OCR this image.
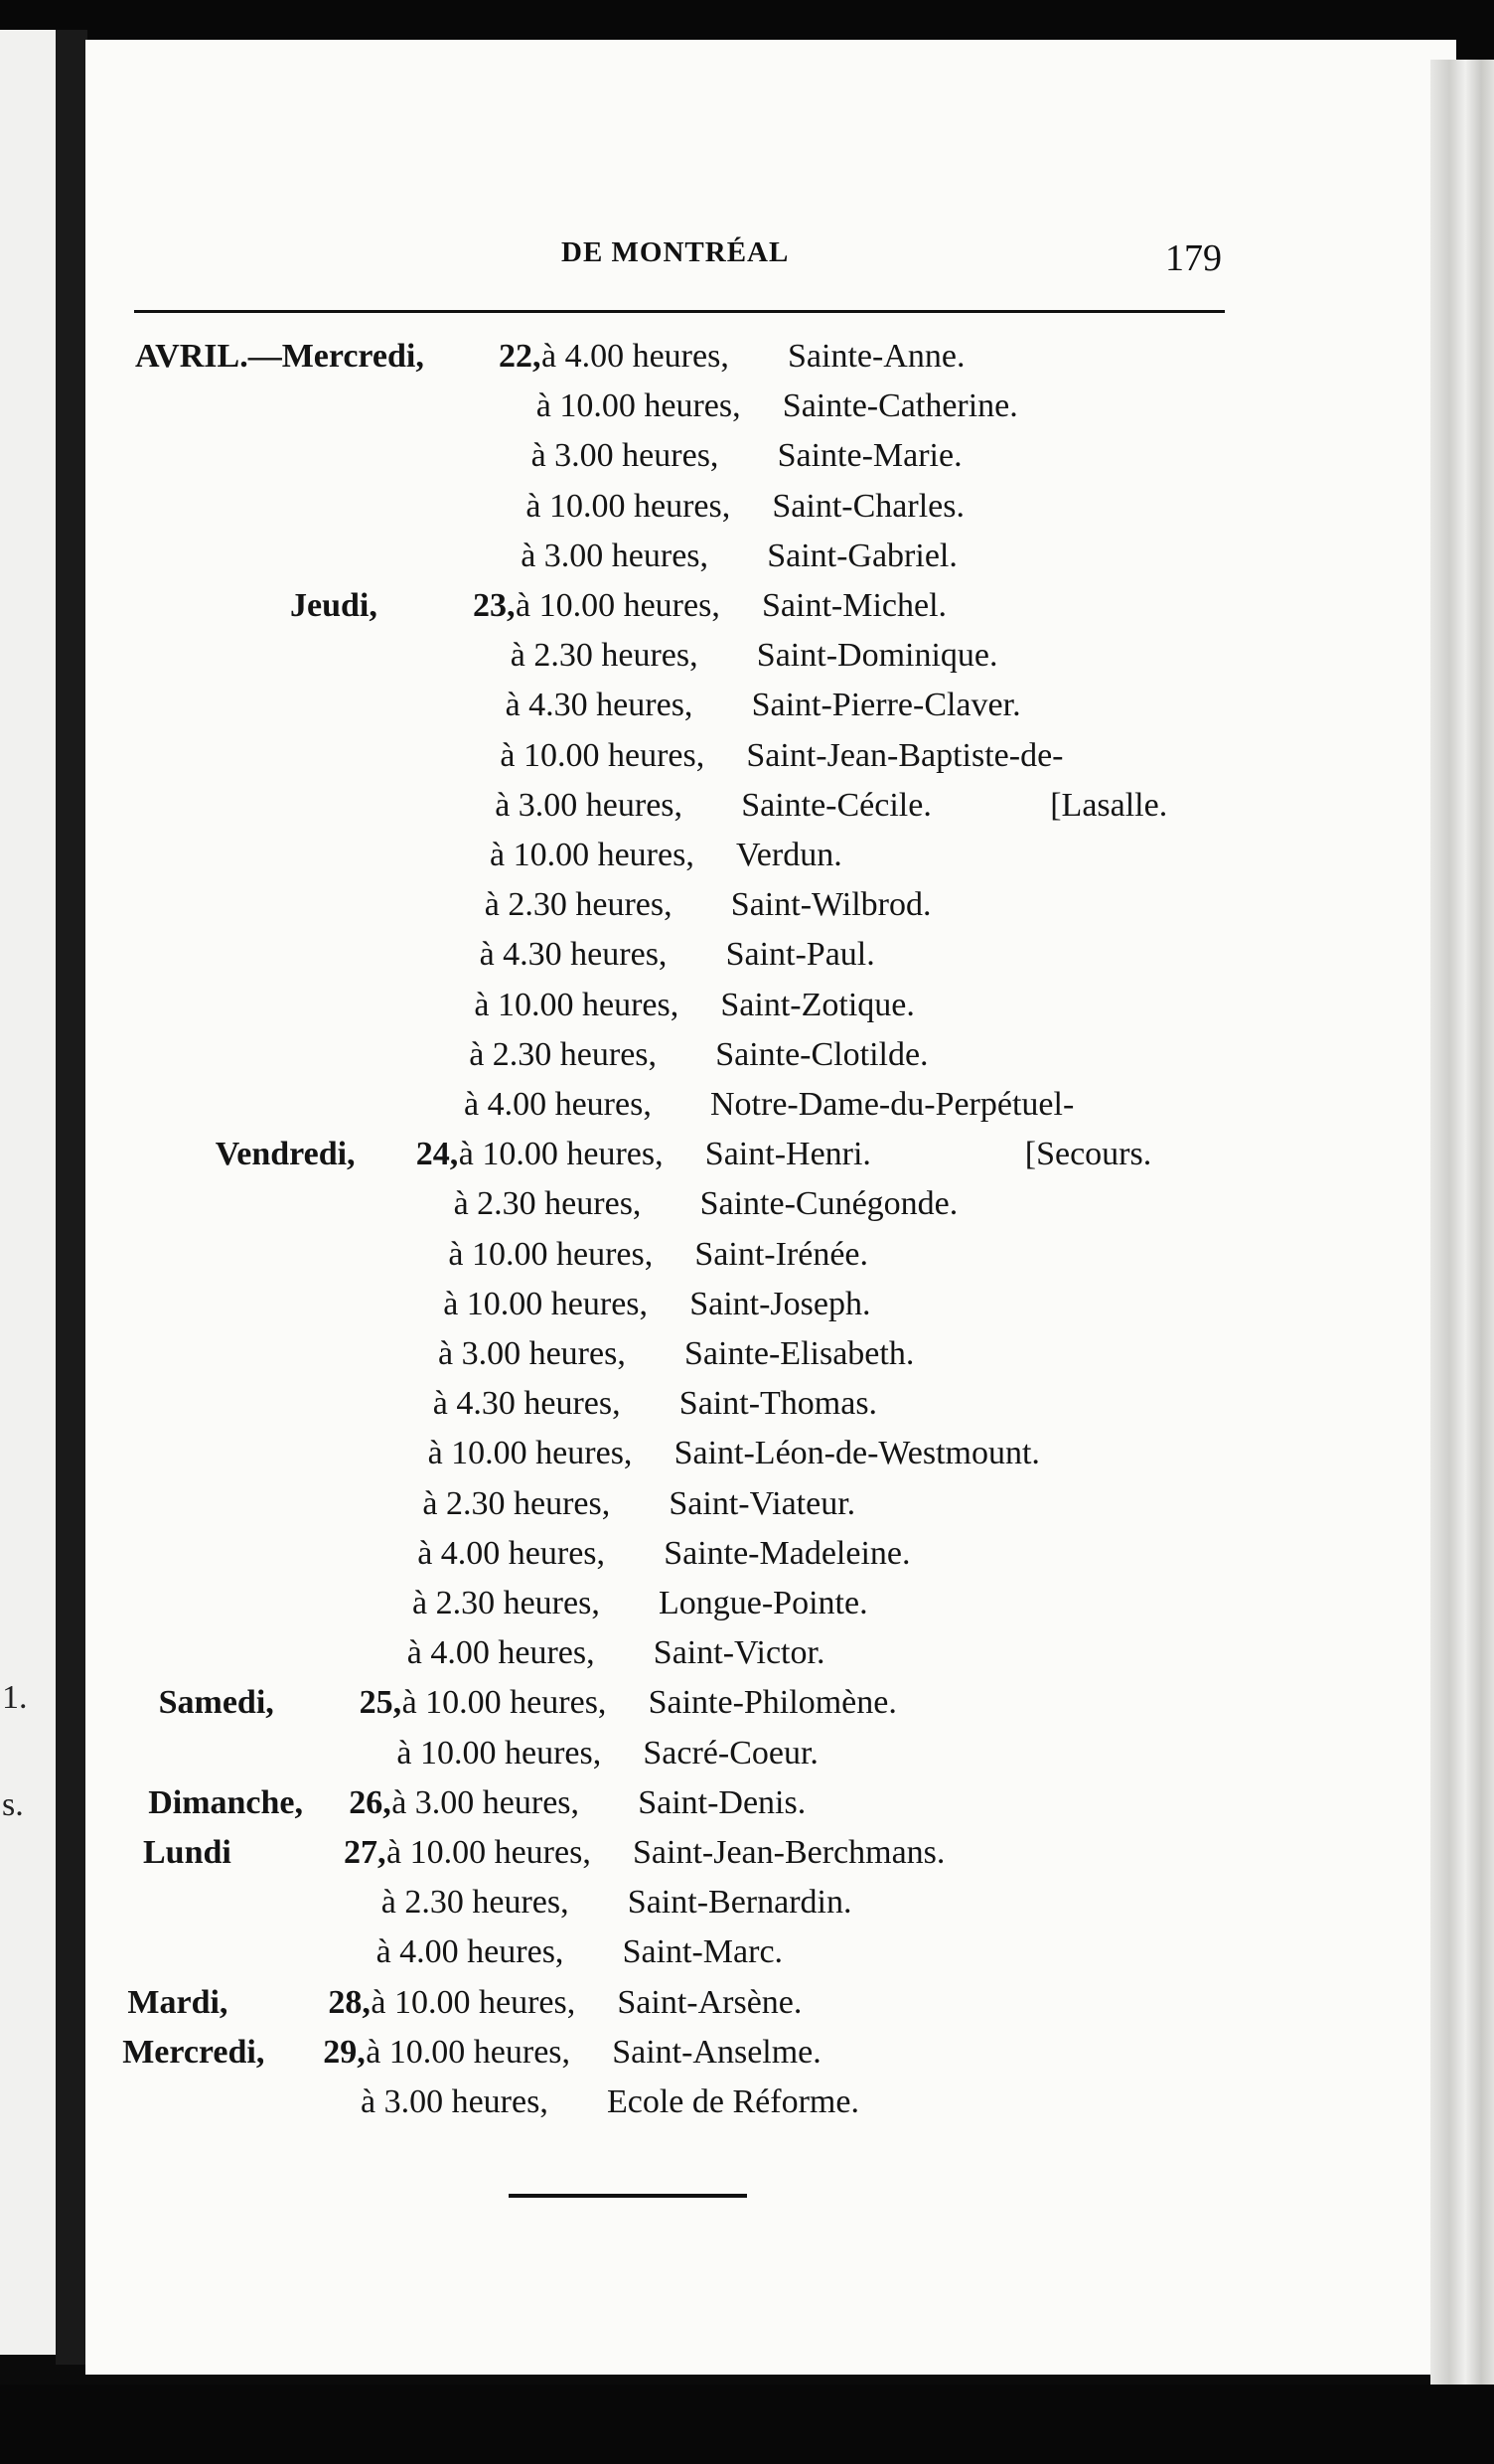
1.
s.
DE MONTRÉAL	179
AVRIL.—Mercredi, 22, à 4.00 heures, Sainte-Anne.
à 10.00 heures, Sainte-Catherine.
à 3.00 heures, Sainte-Marie.
à 10.00 heures, Saint-Charles.
à 3.00 heures, Saint-Gabriel.
Jeudi,	23, à 10.00 heures, Saint-Michel.
à 2.30 heures, Saint-Dominique.
à 4.30 heures, Saint-Pierre-Claver.
à 10.00 heures, Saint-Jean-Baptiste-de-
à 3.00 heures, Sainte-Cécile.	[Lasalle.
à 10.00 heures, Verdun.
à 2.30 heures, Saint-Wilbrod.
à 4.30 heures, Saint-Paul.
à 10.00 heures, Saint-Zotique.
à 2.30 heures, Sainte-Clotilde.
à 4.00 heures, Notre-Dame-du-Perpétuel-
Vendredi, 24, à 10.00 heures, Saint-Henri.	[Secours.
à 2.30 heures, Sainte-Cunégonde.
à 10.00 heures, Saint-Irénée.
à 10.00 heures, Saint-Joseph.
à 3.00 heures, Sainte-Elisabeth.
à 4.30 heures, Saint-Thomas.
à 10.00 heures, Saint-Léon-de-Westmount.
à 2.30 heures, Saint-Viateur.
à 4.00 heures, Sainte-Madeleine.
à 2.30 heures, Longue-Pointe.
à 4.00 heures, Saint-Victor.
Samedi,	25, à 10.00 heures, Sainte-Philomène.
à 10.00 heures, Sacré-Coeur.
Dimanche, 26, à 3.00 heures, Saint-Denis.
Lundi	27, à 10.00 heures, Saint-Jean-Berchmans.
à 2.30 heures, Saint-Bernardin.
à 4.00 heures, Saint-Marc.
Mardi,	28, à 10.00 heures, Saint-Arsène.
Mercredi, 29, à 10.00 heures, Saint-Anselme.
à 3.00 heures, Ecole de Réforme.
